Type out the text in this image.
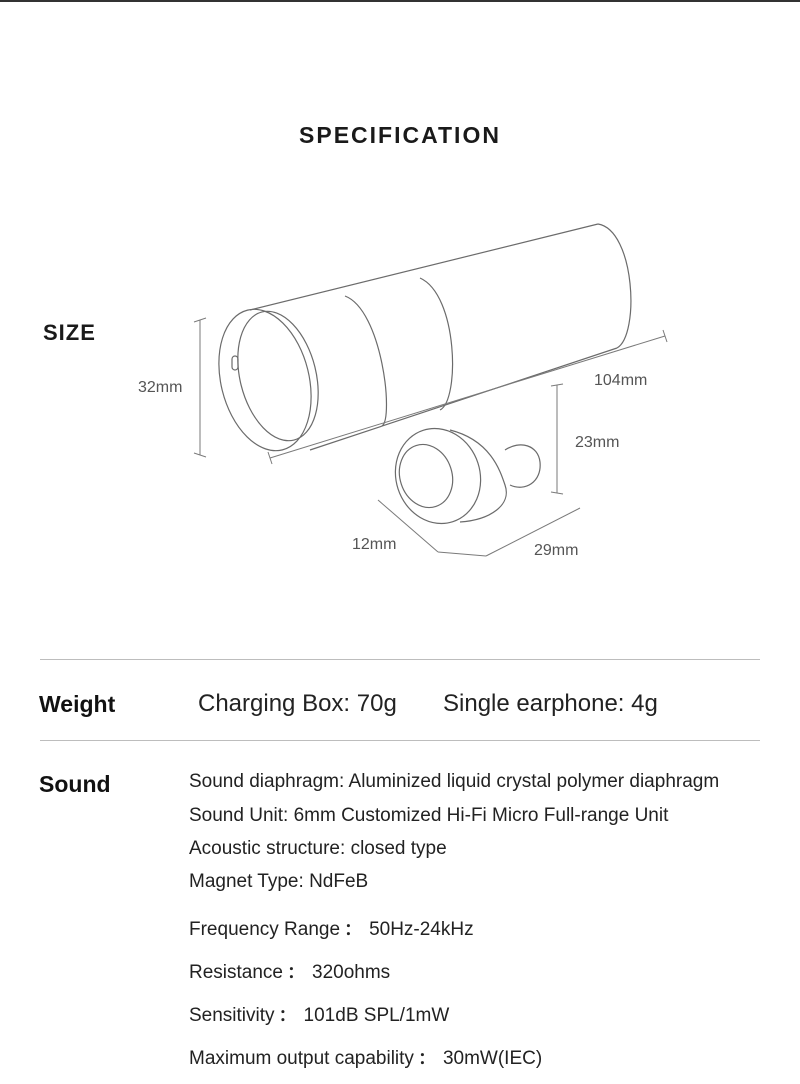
SPECIFICATION
SIZE
32mm	104mm
23mm
12mm	29mm
Weight	Charging Box: 70g Single earphone: 4g
Sound	Sound diaphragm: Aluminized liquid crystal polymer diaphragm
Sound Unit: 6mm Customized Hi-Fi Micro Full-range Unit
Acoustic structure: closed type
Magnet Type: NdFeB
Frequency Range ： 50Hz-24kHz
Resistance ： 320ohms
Sensitivity ： 101dB SPL/1mW
Maximum output capability ： 30mW(IEC)
